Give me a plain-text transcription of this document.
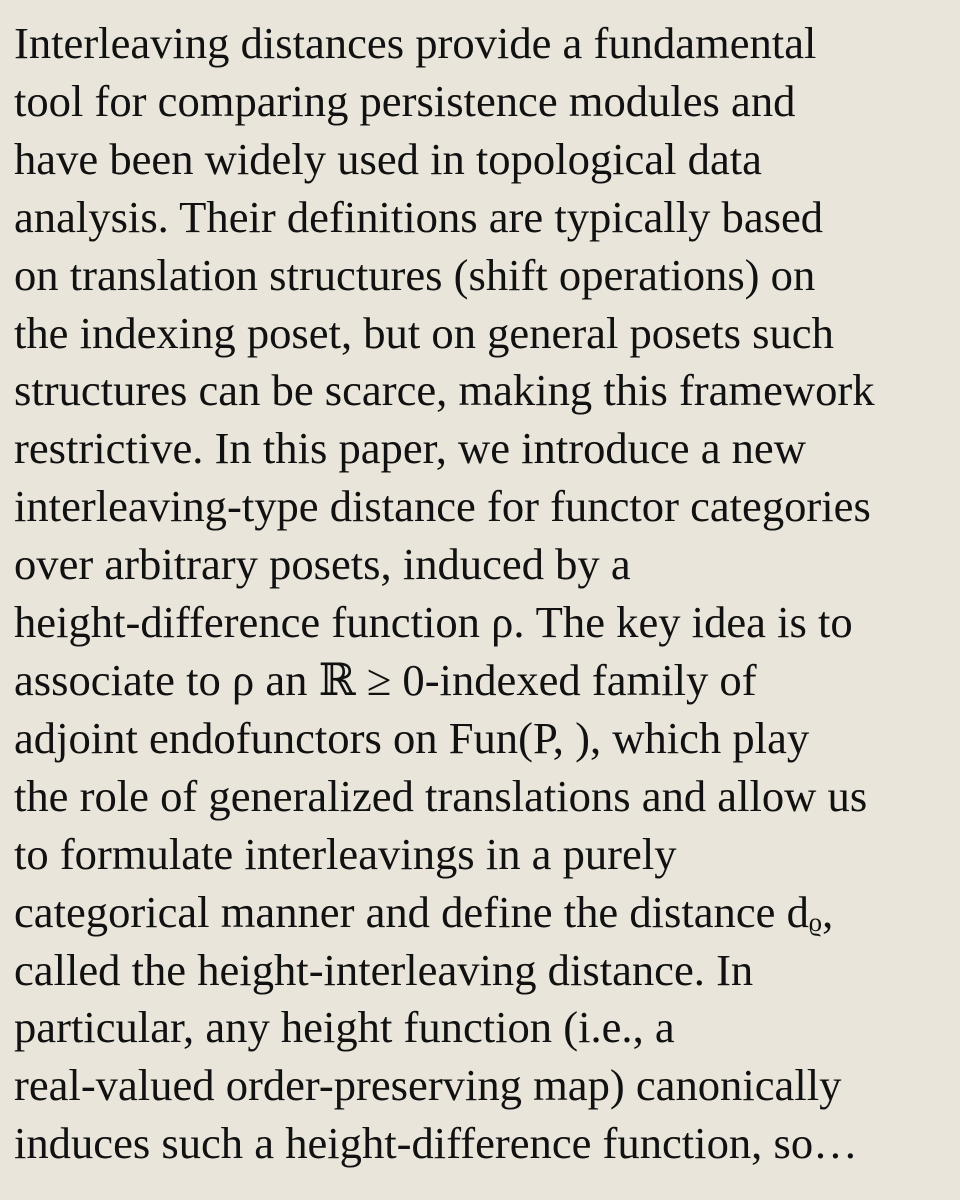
Interleaving distances provide a fundamental
tool for comparing persistence modules and
have been widely used in topological data
analysis. Their definitions are typically based
on translation structures (shift operations) on
the indexing poset, but on general posets such
structures can be scarce, making this framework
restrictive. In this paper, we introduce a new
interleaving-type distance for functor categories
over arbitrary posets, induced by a
height-difference function ρ. The key idea is to
associate to ρ an ℝ ≥ 0-indexed family of
adjoint endofunctors on Fun(P, ), which play
the role of generalized translations and allow us
to formulate interleavings in a purely
categorical manner and define the distance dᵨ,
called the height-interleaving distance. In
particular, any height function (i.e., a
real-valued order-preserving map) canonically
induces such a height-difference function, so…
